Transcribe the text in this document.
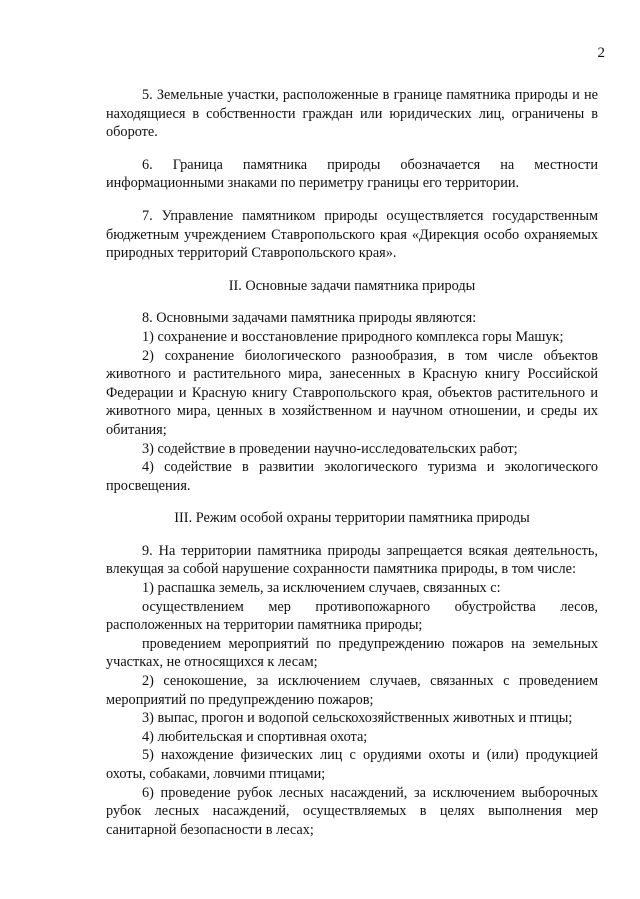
2

5. Земельные участки, расположенные в границе памятника природы и не находящиеся в собственности граждан или юридических лиц, ограничены в обороте.

6. Граница памятника природы обозначается на местности информационными знаками по периметру границы его территории.

7. Управление памятником природы осуществляется государственным бюджетным учреждением Ставропольского края «Дирекция особо охраняемых природных территорий Ставропольского края».

II. Основные задачи памятника природы

8. Основными задачами памятника природы являются:

1) сохранение и восстановление природного комплекса горы Машук;

2) сохранение биологического разнообразия, в том числе объектов животного и растительного мира, занесенных в Красную книгу Российской Федерации и Красную книгу Ставропольского края, объектов растительного и животного мира, ценных в хозяйственном и научном отношении, и среды их обитания;

3) содействие в проведении научно-исследовательских работ;

4) содействие в развитии экологического туризма и экологического просвещения.

III. Режим особой охраны территории памятника природы

9. На территории памятника природы запрещается всякая деятельность, влекущая за собой нарушение сохранности памятника природы, в том числе:

1) распашка земель, за исключением случаев, связанных с:

осуществлением мер противопожарного обустройства лесов, расположенных на территории памятника природы;

проведением мероприятий по предупреждению пожаров на земельных участках, не относящихся к лесам;

2) сенокошение, за исключением случаев, связанных с проведением мероприятий по предупреждению пожаров;

3) выпас, прогон и водопой сельскохозяйственных животных и птицы;

4) любительская и спортивная охота;

5) нахождение физических лиц с орудиями охоты и (или) продукцией охоты, собаками, ловчими птицами;

6) проведение рубок лесных насаждений, за исключением выборочных рубок лесных насаждений, осуществляемых в целях выполнения мер санитарной безопасности в лесах;
